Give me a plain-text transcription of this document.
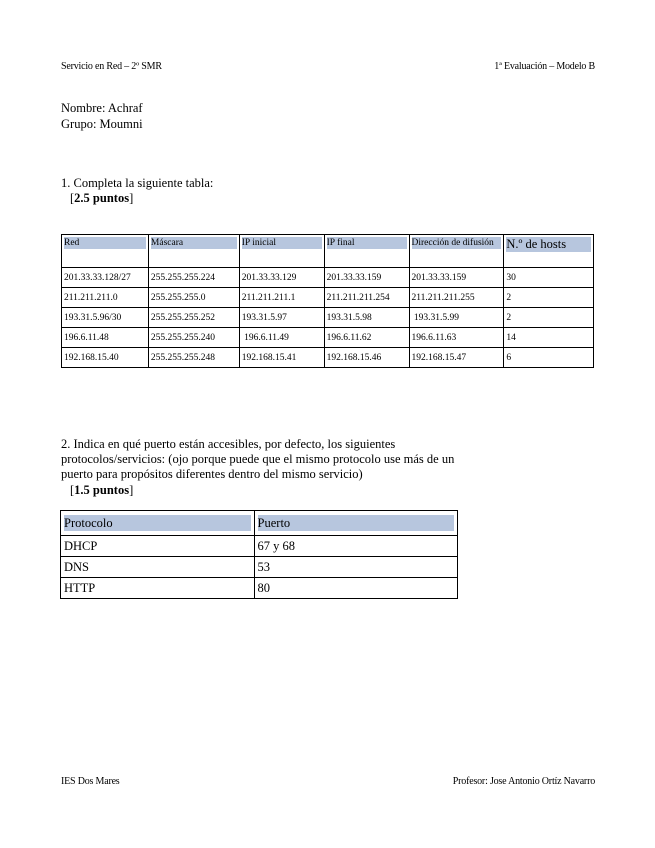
Servicio en Red – 2º SMR	1ª Evaluación – Modelo B
Nombre: Achraf
Grupo: Moumni
1. Completa la siguiente tabla:
[2.5 puntos]
Red	Máscara	IP inicial	IP final	Dirección de difusión	N.º de hosts

201.33.33.128/27	255.255.255.224	201.33.33.129	201.33.33.159	201.33.33.159	30
211.211.211.0	255.255.255.0	211.211.211.1	211.211.211.254	211.211.211.255	2
193.31.5.96/30	255.255.255.252	193.31.5.97	193.31.5.98	193.31.5.99	2
196.6.11.48	255.255.255.240	196.6.11.49	196.6.11.62	196.6.11.63	14
192.168.15.40	255.255.255.248	192.168.15.41	192.168.15.46	192.168.15.47	6
2. Indica en qué puerto están accesibles, por defecto, los siguientes
protocolos/servicios: (ojo porque puede que el mismo protocolo use más de un
puerto para propósitos diferentes dentro del mismo servicio)
[1.5 puntos]
Protocolo	Puerto

DHCP	67 y 68
DNS	53
HTTP	80
IES Dos Mares	Profesor: Jose Antonio Ortíz Navarro
